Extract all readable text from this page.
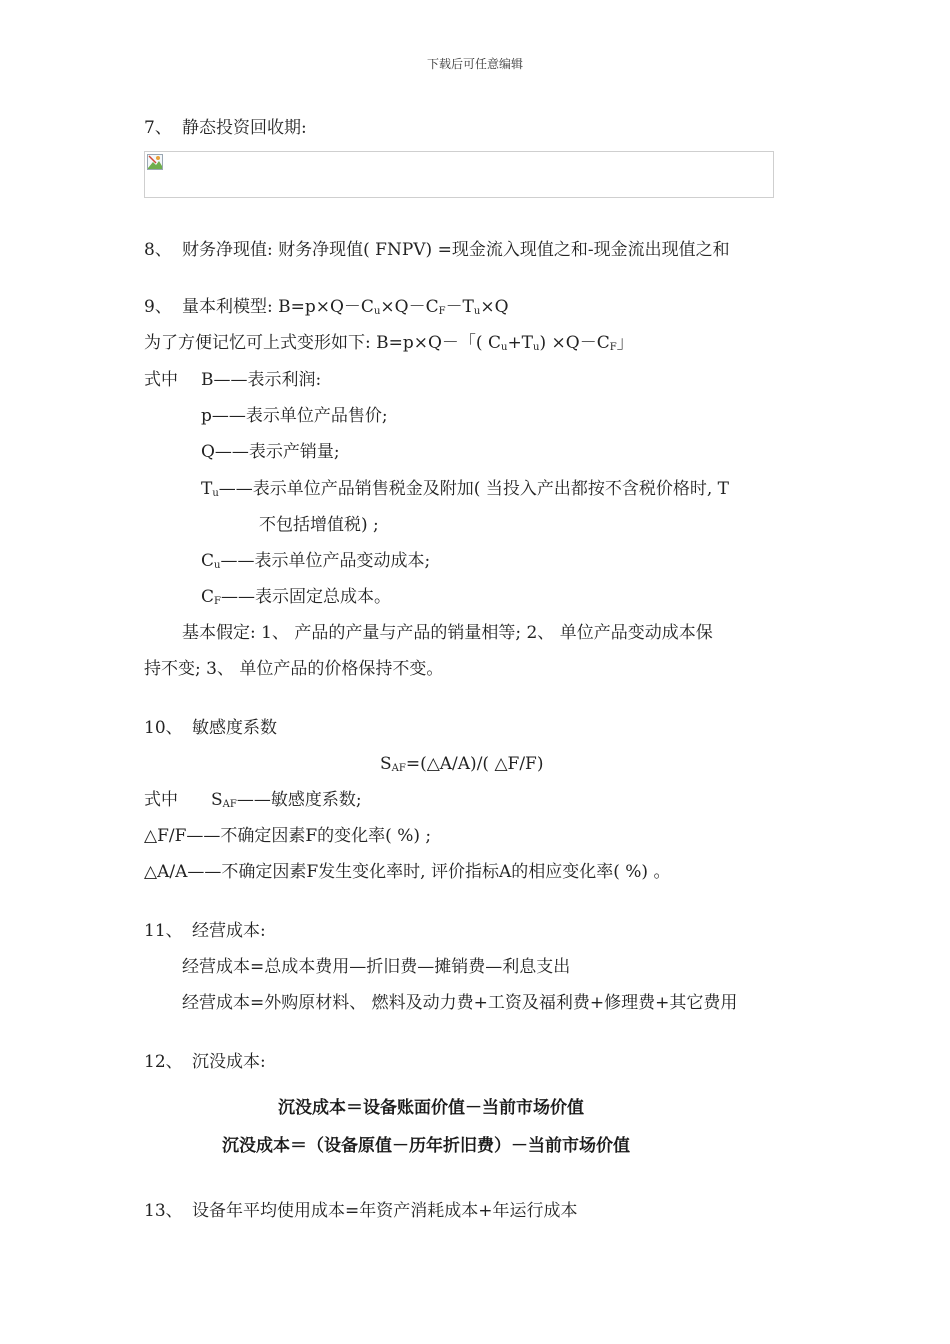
下载后可任意编辑
7、 静态投资回收期:
8、 财务净现值: 财务净现值( FNPV) =现金流入现值之和-现金流出现值之和
9、 量本利模型: $B=p\times Q-C_u\times Q-C_F-T_u\times Q$
为了方便记忆可上式变形如下: B=p×Q－「( $C_u+T_u) \times Q-C_F$」
式中 B——表示利润:
p——表示单位产品售价;
Q——表示产销量;
$T_u——$表示单位产品销售税金及附加( 当投入产出都按不含税价格时, T
不包括增值税) ;
$C_u——$表示单位产品变动成本;
$C_F——$表示固定总成本。
基本假定: 1、 产品的产量与产品的销量相等; 2、 单位产品变动成本保
持不变; 3、 单位产品的价格保持不变。
10、 敏感度系数
$S_{AF}=(\triangle A/A)/$( △F/F)
式中 $S_{AF}——$敏感度系数;
△F/F——不确定因素F的变化率( %) ;
△A/A——不确定因素F发生变化率时, 评价指标A的相应变化率( %) 。
11、 经营成本:
经营成本=总成本费用—折旧费—摊销费—利息支出
经营成本=外购原材料、 燃料及动力费+工资及福利费+修理费+其它费用
12、 沉没成本:
沉没成本＝设备账面价值－当前市场价值
沉没成本＝（设备原值－历年折旧费）－当前市场价值
13、 设备年平均使用成本=年资产消耗成本+年运行成本
